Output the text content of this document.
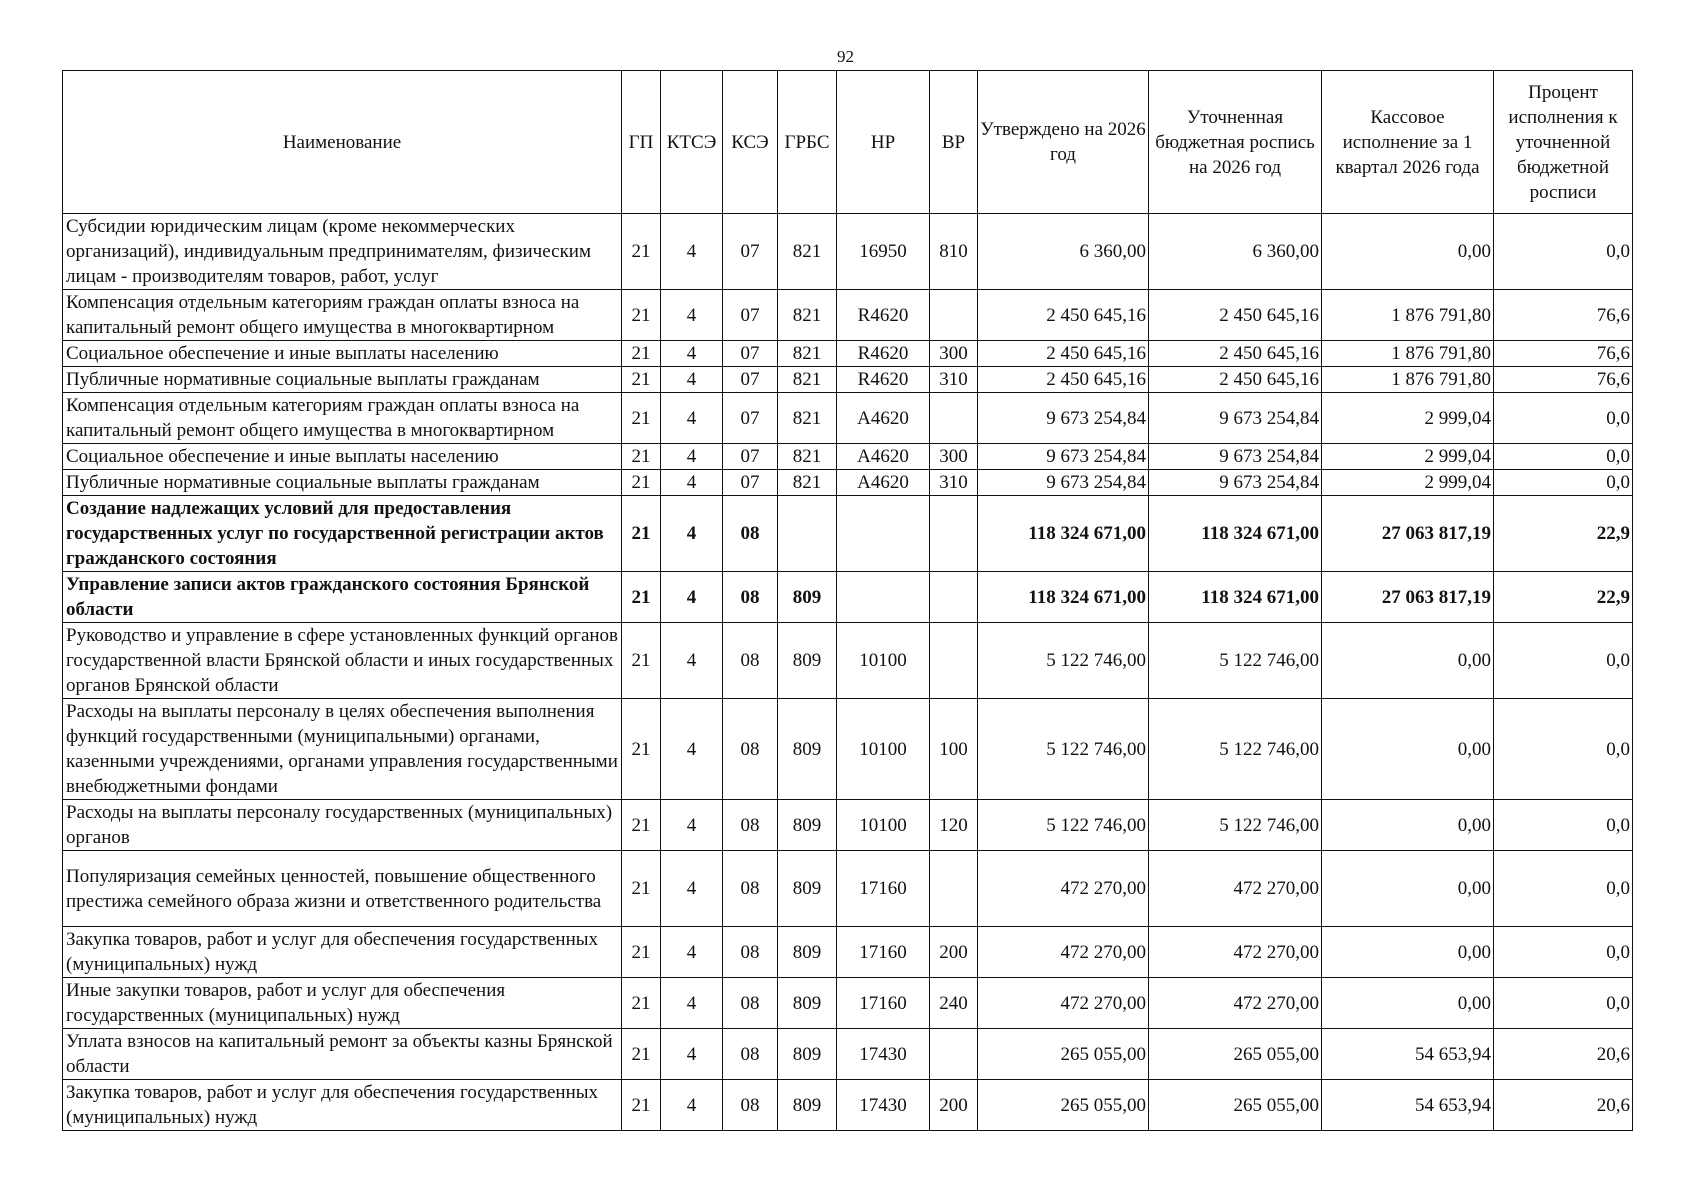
92
Наименование	ГП	КТСЭ	КСЭ	ГРБС	НР	ВР	Утверждено на 2026 год	Уточненная бюджетная роспись на 2026 год	Кассовое исполнение за 1 квартал 2026 года	Процент исполнения к уточненной бюджетной росписи
Субсидии юридическим лицам (кроме некоммерческих организаций), индивидуальным предпринимателям, физическим лицам - производителям товаров, работ, услуг	21	4	07	821	16950	810	6 360,00	6 360,00	0,00	0,0
Компенсация отдельным категориям граждан оплаты взноса на капитальный ремонт общего имущества в многоквартирном	21	4	07	821	R4620		2 450 645,16	2 450 645,16	1 876 791,80	76,6
Социальное обеспечение и иные выплаты населению	21	4	07	821	R4620	300	2 450 645,16	2 450 645,16	1 876 791,80	76,6
Публичные нормативные социальные выплаты гражданам	21	4	07	821	R4620	310	2 450 645,16	2 450 645,16	1 876 791,80	76,6
Компенсация отдельным категориям граждан оплаты взноса на капитальный ремонт общего имущества в многоквартирном	21	4	07	821	А4620		9 673 254,84	9 673 254,84	2 999,04	0,0
Социальное обеспечение и иные выплаты населению	21	4	07	821	А4620	300	9 673 254,84	9 673 254,84	2 999,04	0,0
Публичные нормативные социальные выплаты гражданам	21	4	07	821	А4620	310	9 673 254,84	9 673 254,84	2 999,04	0,0
Создание надлежащих условий для предоставления государственных услуг по государственной регистрации актов гражданского состояния	21	4	08				118 324 671,00	118 324 671,00	27 063 817,19	22,9
Управление записи актов гражданского состояния Брянской области	21	4	08	809			118 324 671,00	118 324 671,00	27 063 817,19	22,9
Руководство и управление в сфере установленных функций органов государственной власти Брянской области и иных государственных органов Брянской области	21	4	08	809	10100		5 122 746,00	5 122 746,00	0,00	0,0
Расходы на выплаты персоналу в целях обеспечения выполнения функций государственными (муниципальными) органами, казенными учреждениями, органами управления государственными внебюджетными фондами	21	4	08	809	10100	100	5 122 746,00	5 122 746,00	0,00	0,0
Расходы на выплаты персоналу государственных (муниципальных) органов	21	4	08	809	10100	120	5 122 746,00	5 122 746,00	0,00	0,0
Популяризация семейных ценностей, повышение общественного престижа семейного образа жизни и ответственного родительства	21	4	08	809	17160		472 270,00	472 270,00	0,00	0,0
Закупка товаров, работ и услуг для обеспечения государственных (муниципальных) нужд	21	4	08	809	17160	200	472 270,00	472 270,00	0,00	0,0
Иные закупки товаров, работ и услуг для обеспечения государственных (муниципальных) нужд	21	4	08	809	17160	240	472 270,00	472 270,00	0,00	0,0
Уплата взносов на капитальный ремонт за объекты казны Брянской области	21	4	08	809	17430		265 055,00	265 055,00	54 653,94	20,6
Закупка товаров, работ и услуг для обеспечения государственных (муниципальных) нужд	21	4	08	809	17430	200	265 055,00	265 055,00	54 653,94	20,6
